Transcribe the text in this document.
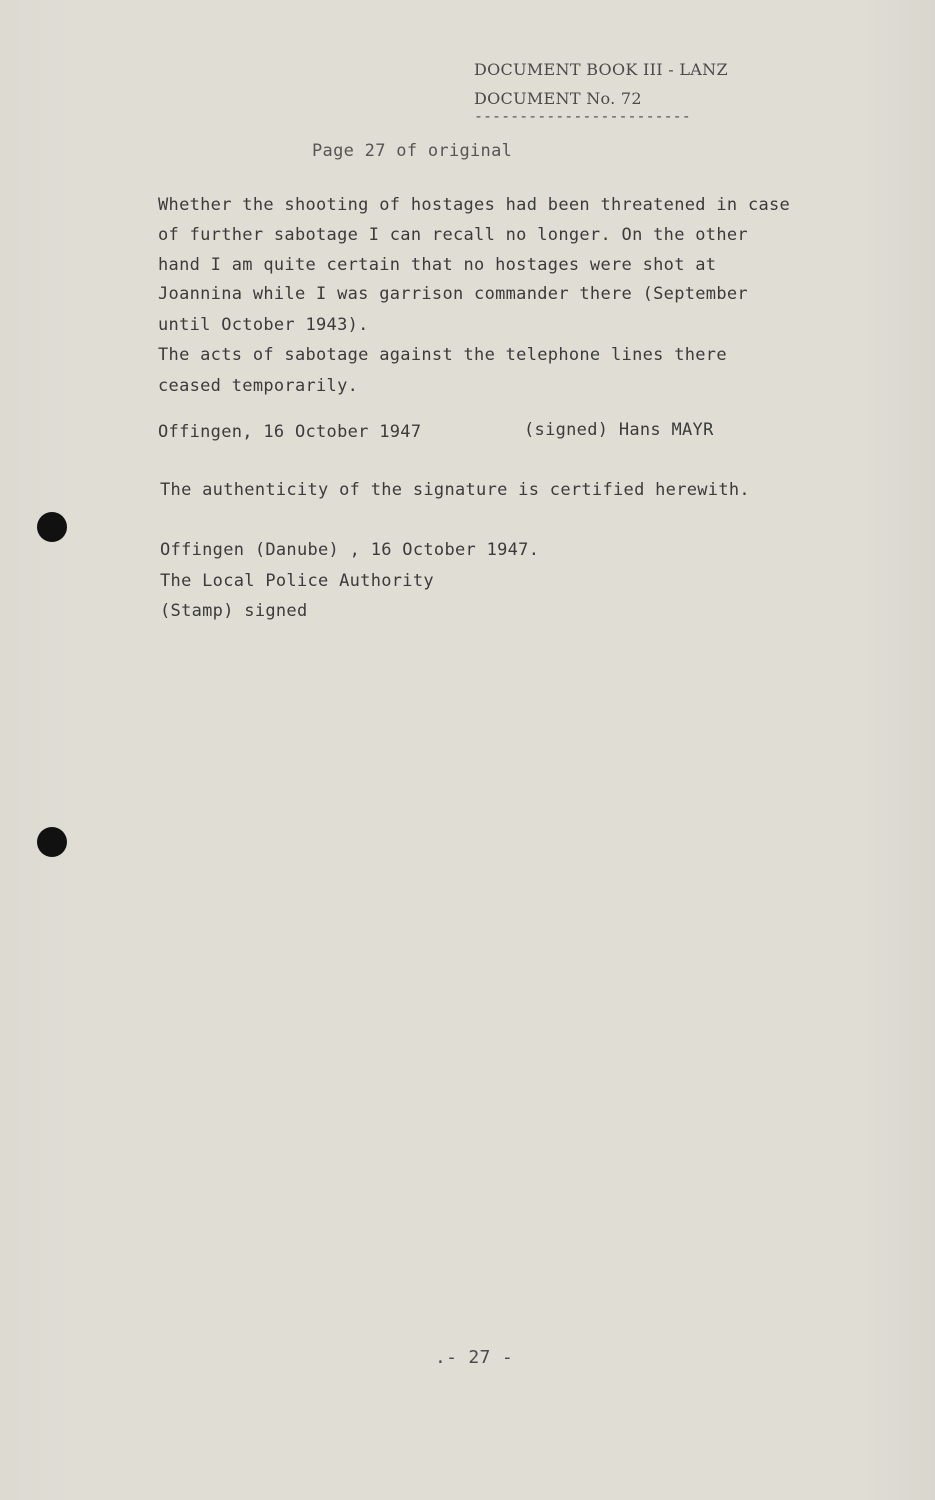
DOCUMENT BOOK III - LANZ
DOCUMENT No. 72
------------------------
Page 27 of original
Whether the shooting of hostages had been threatened in case
of further sabotage I can recall no longer. On the other
hand I am quite certain that no hostages were shot at
Joannina while I was garrison commander there (September
until October 1943).
The acts of sabotage against the telephone lines there
ceased temporarily.
Offingen, 16 October 1947	(signed) Hans MAYR
The authenticity of the signature is certified herewith.
Offingen (Danube) , 16 October 1947.
The Local Police Authority
(Stamp) signed
.- 27 -
